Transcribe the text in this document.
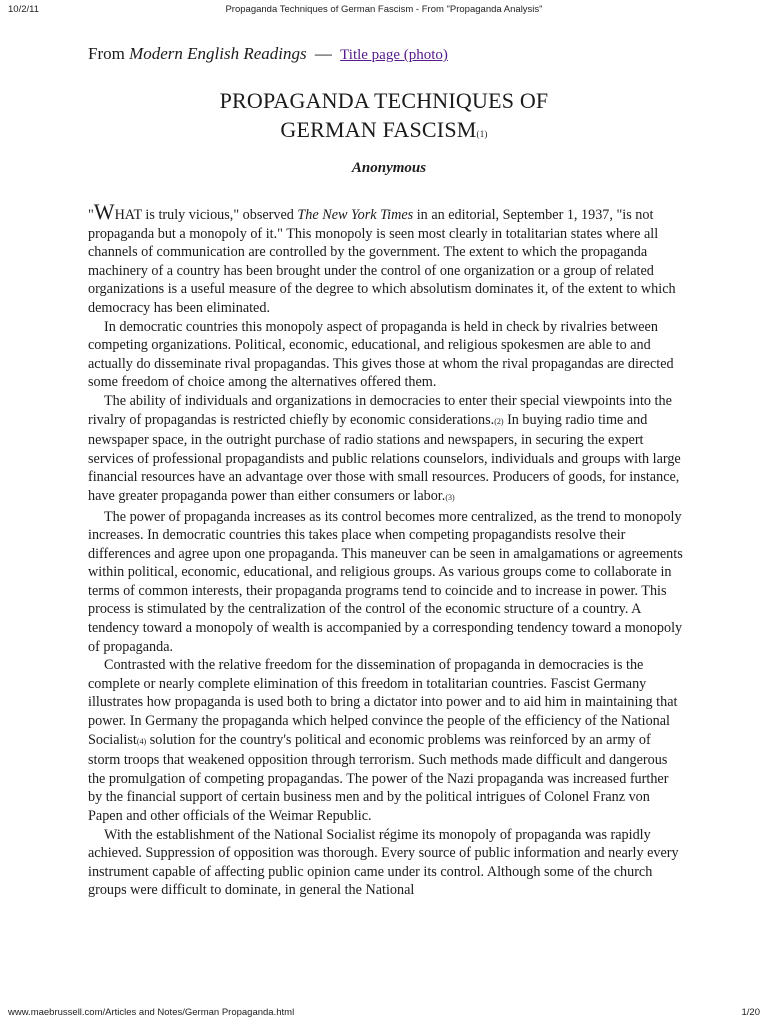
10/2/11	Propaganda Techniques of German Fascism - From "Propaganda Analysis"
From Modern English Readings — Title page (photo)
PROPAGANDA TECHNIQUES OF
GERMAN FASCISM(1)
Anonymous

"WHAT is truly vicious," observed The New York Times in an editorial, September 1, 1937, "is not propaganda but a monopoly of it." This monopoly is seen most clearly in totalitarian states where all channels of communication are controlled by the government. The extent to which the propaganda machinery of a country has been brought under the control of one organization or a group of related organizations is a useful measure of the degree to which absolutism dominates it, of the extent to which democracy has been eliminated.

In democratic countries this monopoly aspect of propaganda is held in check by rivalries between competing organizations. Political, economic, educational, and religious spokesmen are able to and actually do disseminate rival propagandas. This gives those at whom the rival propagandas are directed some freedom of choice among the alternatives offered them.

The ability of individuals and organizations in democracies to enter their special viewpoints into the rivalry of propagandas is restricted chiefly by economic considerations.(2) In buying radio time and newspaper space, in the outright purchase of radio stations and newspapers, in securing the expert services of professional propagandists and public relations counselors, individuals and groups with large financial resources have an advantage over those with small resources. Producers of goods, for instance, have greater propaganda power than either consumers or labor.(3)

The power of propaganda increases as its control becomes more centralized, as the trend to monopoly increases. In democratic countries this takes place when competing propagandists resolve their differences and agree upon one propaganda. This maneuver can be seen in amalgamations or agreements within political, economic, educational, and religious groups. As various groups come to collaborate in terms of common interests, their propaganda programs tend to coincide and to increase in power. This process is stimulated by the centralization of the control of the economic structure of a country. A tendency toward a monopoly of wealth is accompanied by a corresponding tendency toward a monopoly of propaganda.

Contrasted with the relative freedom for the dissemination of propaganda in democracies is the complete or nearly complete elimination of this freedom in totalitarian countries. Fascist Germany illustrates how propaganda is used both to bring a dictator into power and to aid him in maintaining that power. In Germany the propaganda which helped convince the people of the efficiency of the National Socialist(4) solution for the country's political and economic problems was reinforced by an army of storm troops that weakened opposition through terrorism. Such methods made difficult and dangerous the promulgation of competing propagandas. The power of the Nazi propaganda was increased further by the financial support of certain business men and by the political intrigues of Colonel Franz von Papen and other officials of the Weimar Republic.

With the establishment of the National Socialist régime its monopoly of propaganda was rapidly achieved. Suppression of opposition was thorough. Every source of public information and nearly every instrument capable of affecting public opinion came under its control. Although some of the church groups were difficult to dominate, in general the National

www.maebrussell.com/Articles and Notes/German Propaganda.html	1/20
